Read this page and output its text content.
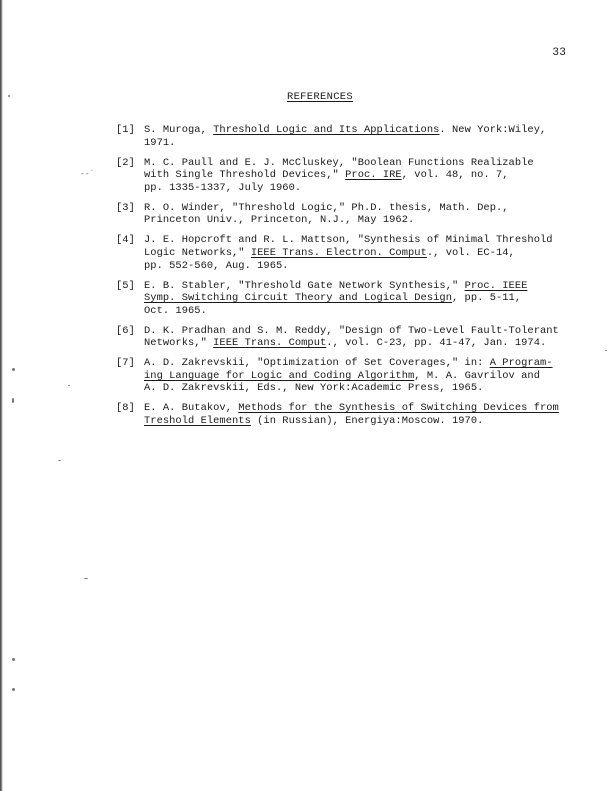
33
REFERENCES
[1] S. Muroga, Threshold Logic and Its Applications. New York:Wiley,
1971.
[2] M. C. Paull and E. J. McCluskey, "Boolean Functions Realizable
with Single Threshold Devices," Proc. IRE, vol. 48, no. 7,
pp. 1335-1337, July 1960.
[3] R. O. Winder, "Threshold Logic," Ph.D. thesis, Math. Dep.,
Princeton Univ., Princeton, N.J., May 1962.
[4] J. E. Hopcroft and R. L. Mattson, "Synthesis of Minimal Threshold
Logic Networks," IEEE Trans. Electron. Comput., vol. EC-14,
pp. 552-560, Aug. 1965.
[5] E. B. Stabler, "Threshold Gate Network Synthesis," Proc. IEEE
Symp. Switching Circuit Theory and Logical Design, pp. 5-11,
Oct. 1965.
[6] D. K. Pradhan and S. M. Reddy, "Design of Two-Level Fault-Tolerant
Networks," IEEE Trans. Comput., vol. C-23, pp. 41-47, Jan. 1974.
[7] A. D. Zakrevskii, "Optimization of Set Coverages," in: A Program-
ing Language for Logic and Coding Algorithm, M. A. Gavrilov and
A. D. Zakrevskii, Eds., New York:Academic Press, 1965.
[8] E. A. Butakov, Methods for the Synthesis of Switching Devices from
Treshold Elements (in Russian), Energiya:Moscow. 1970.
--ˊ
